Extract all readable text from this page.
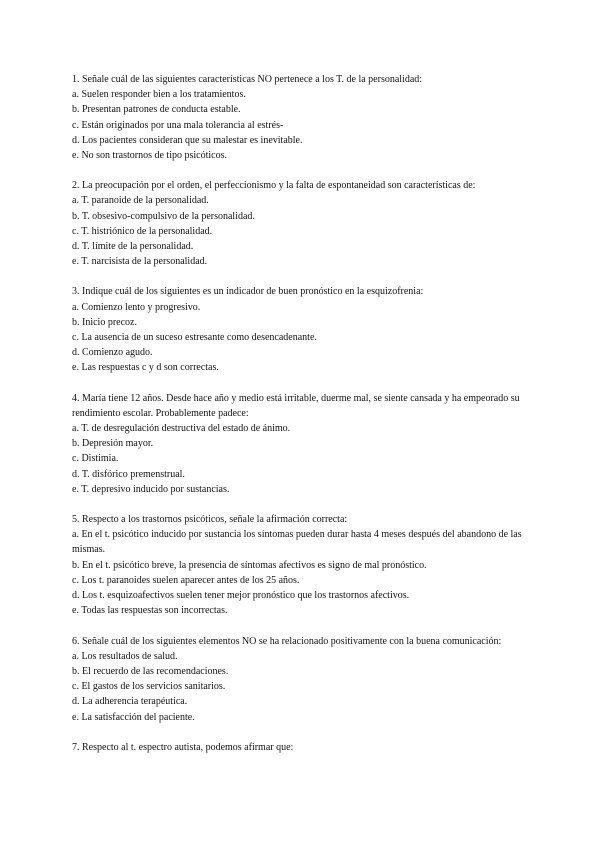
1. Señale cuál de las siguientes características NO pertenece a los T. de la personalidad:

a. Suelen responder bien a los tratamientos.

b. Presentan patrones de conducta estable.

c. Están originados por una mala tolerancia al estrés-

d. Los pacientes consideran que su malestar es inevitable.

e. No son trastornos de tipo psicóticos.

2. La preocupación por el orden, el perfeccionismo y la falta de espontaneidad son características de:

a. T. paranoide de la personalidad.

b. T. obsesivo-compulsivo de la personalidad.

c. T. histriónico de la personalidad.

d. T. límite de la personalidad.

e. T. narcisista de la personalidad.

3. Indique cuál de los siguientes es un indicador de buen pronóstico en la esquizofrenia:

a. Comienzo lento y progresivo.

b. Inicio precoz.

c. La ausencia de un suceso estresante como desencadenante.

d. Comienzo agudo.

e. Las respuestas c y d son correctas.

4. María tiene 12 años. Desde hace año y medio está irritable, duerme mal, se siente cansada y ha empeorado su rendimiento escolar. Probablemente padece:

a. T. de desregulación destructiva del estado de ánimo.

b. Depresión mayor.

c. Distimia.

d. T. disfórico premenstrual.

e. T. depresivo inducido por sustancias.

5. Respecto a los trastornos psicóticos, señale la afirmación correcta:

a. En el t. psicótico inducido por sustancia los síntomas pueden durar hasta 4 meses después del abandono de las mismas.

b. En el t. psicótico breve, la presencia de síntomas afectivos es signo de mal pronóstico.

c. Los t. paranoides suelen aparecer antes de los 25 años.

d. Los t. esquizoafectivos suelen tener mejor pronóstico que los trastornos afectivos.

e. Todas las respuestas son incorrectas.

6. Señale cuál de los siguientes elementos NO se ha relacionado positivamente con la buena comunicación:

a. Los resultados de salud.

b. El recuerdo de las recomendaciones.

c. El gastos de los servicios sanitarios.

d. La adherencia terapéutica.

e. La satisfacción del paciente.

7. Respecto al t. espectro autista, podemos afirmar que:
